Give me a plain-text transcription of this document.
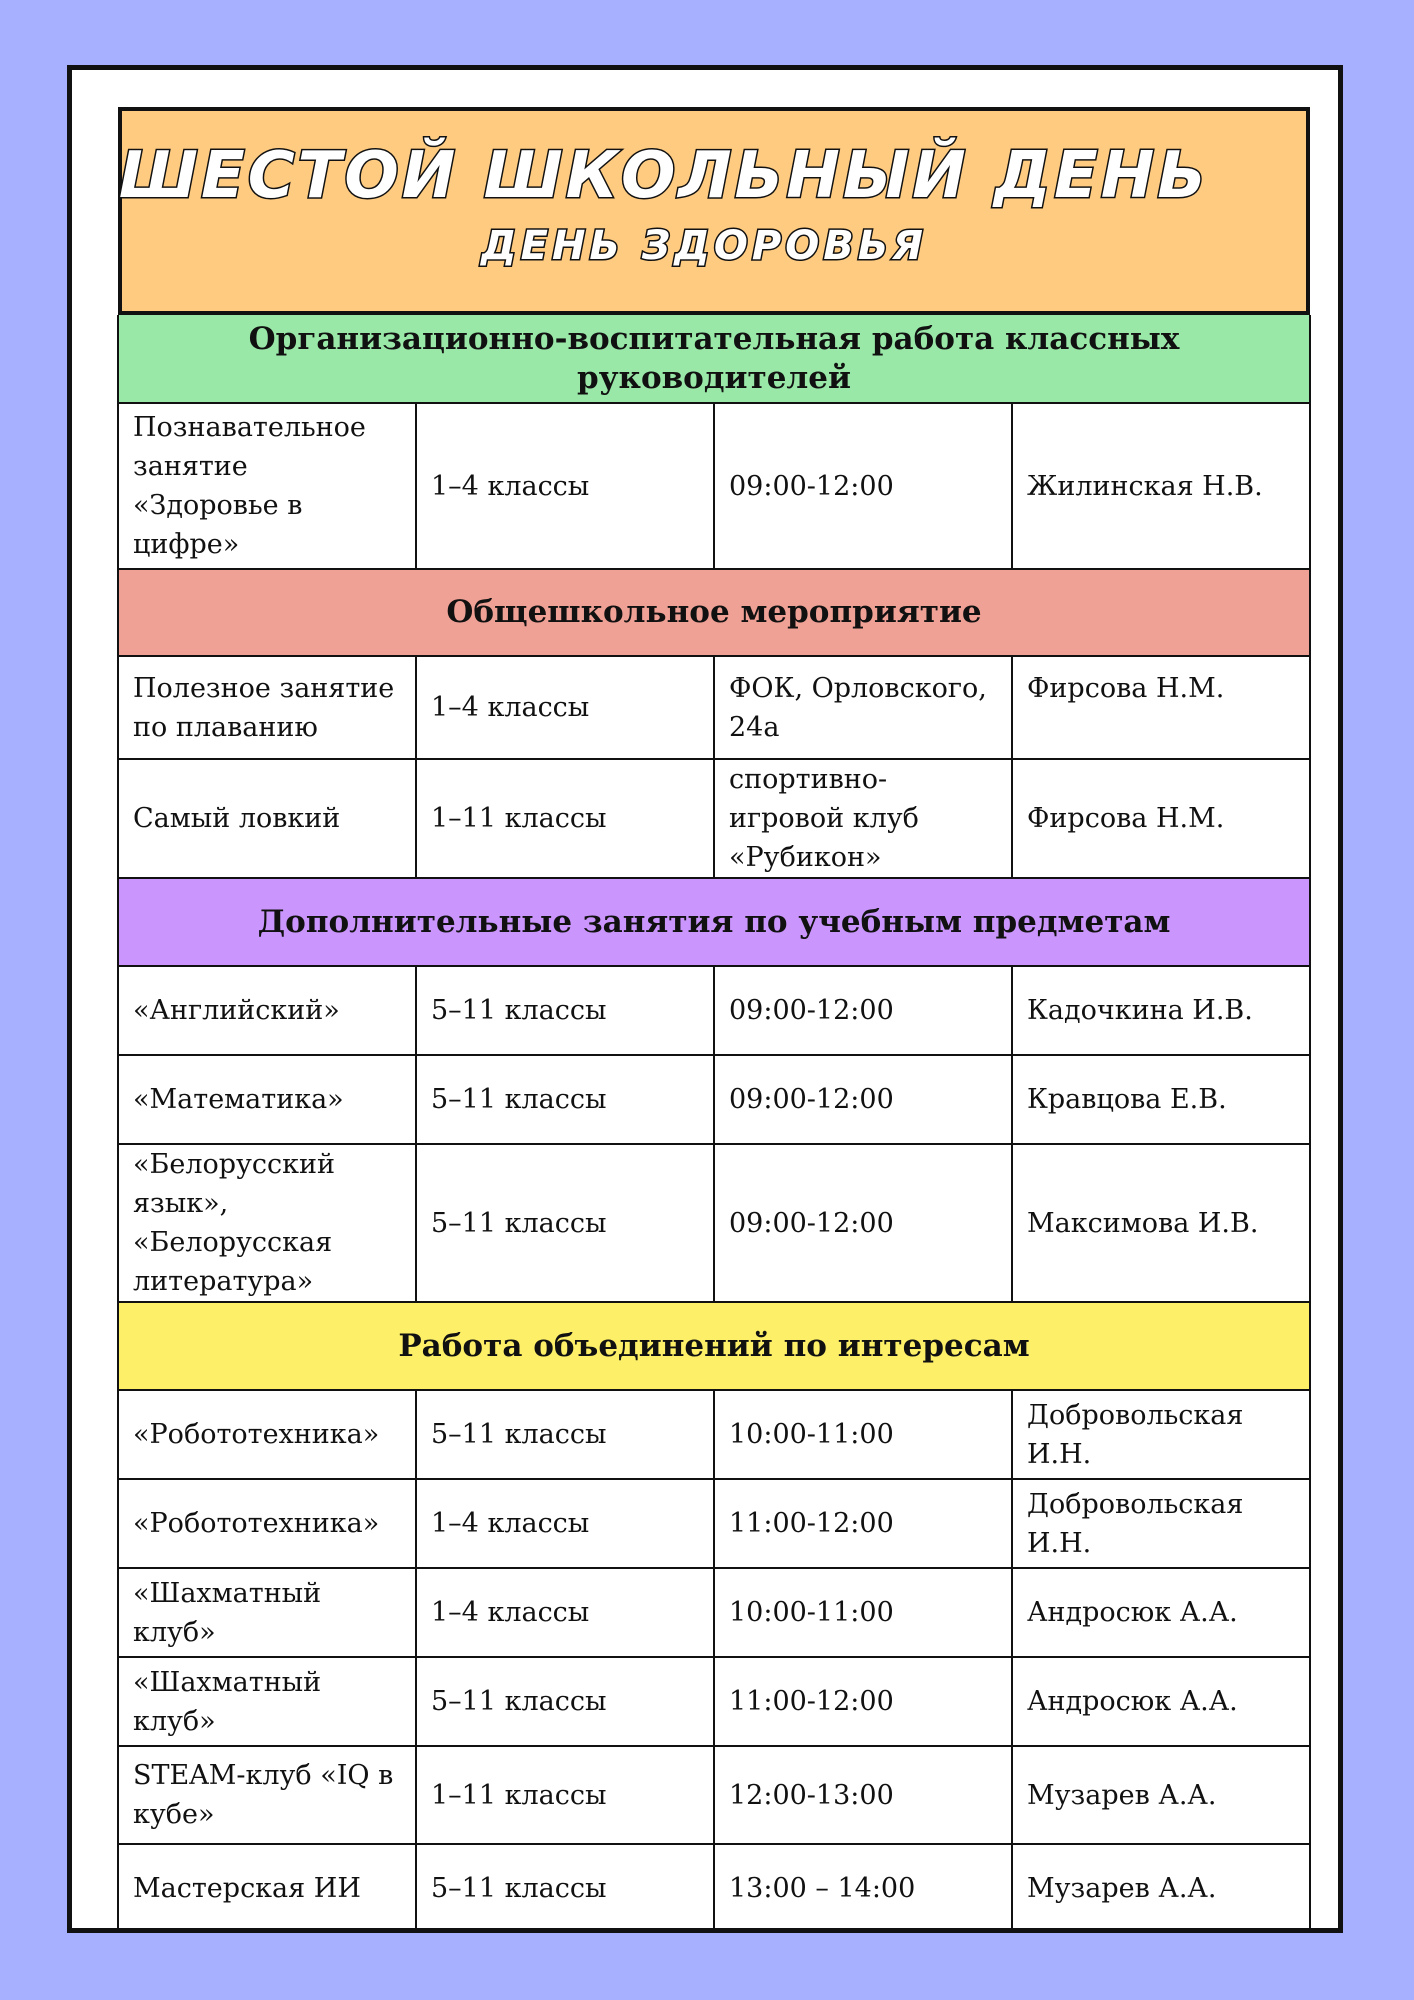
ШЕСТОЙ ШКОЛЬНЫЙ ДЕНЬ
ДЕНЬ ЗДОРОВЬЯ
Организационно-воспитательная работа классных руководителей			
Познавательное занятие «Здоровье в цифре»	1–4 классы	09:00-12:00	Жилинская Н.В.
Общешкольное мероприятие			
Полезное занятие по плаванию	1–4 классы	ФОК, Орловского, 24а	Фирсова Н.М.
Самый ловкий	1–11 классы	спортивно-игровой клуб «Рубикон»	Фирсова Н.М.
Дополнительные занятия по учебным предметам			
«Английский»	5–11 классы	09:00-12:00	Кадочкина И.В.
«Математика»	5–11 классы	09:00-12:00	Кравцова Е.В.
«Белорусский язык», «Белорусская литература»	5–11 классы	09:00-12:00	Максимова И.В.
Работа объединений по интересам			
«Робототехника»	5–11 классы	10:00-11:00	Добровольская И.Н.
«Робототехника»	1–4 классы	11:00-12:00	Добровольская И.Н.
«Шахматный клуб»	1–4 классы	10:00-11:00	Андросюк А.А.
«Шахматный клуб»	5–11 классы	11:00-12:00	Андросюк А.А.
STEAM-клуб «IQ в кубе»	1–11 классы	12:00-13:00	Музарев А.А.
Мастерская ИИ	5–11 классы	13:00 – 14:00	Музарев А.А.
